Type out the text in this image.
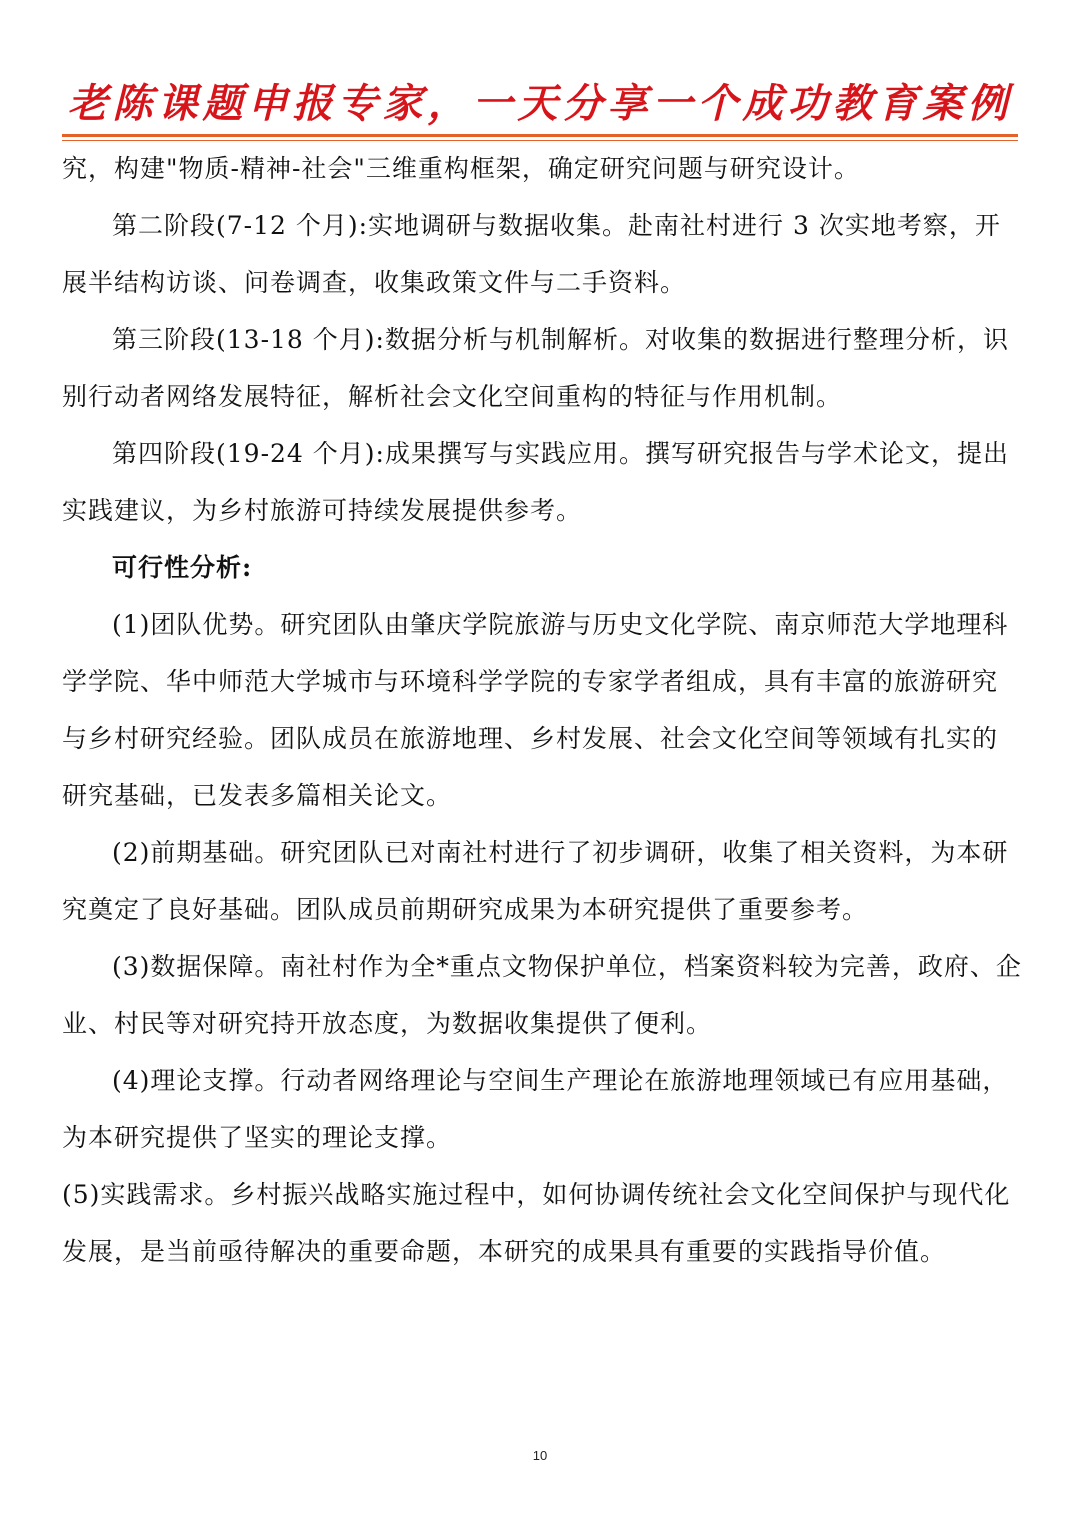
老陈课题申报专家，一天分享一个成功教育案例

究，构建"物质-精神-社会"三维重构框架，确定研究问题与研究设计。

第二阶段(7-12 个月):实地调研与数据收集。赴南社村进行 3 次实地考察，开展半结构访谈、问卷调查，收集政策文件与二手资料。

第三阶段(13-18 个月):数据分析与机制解析。对收集的数据进行整理分析，识别行动者网络发展特征，解析社会文化空间重构的特征与作用机制。

第四阶段(19-24 个月):成果撰写与实践应用。撰写研究报告与学术论文，提出实践建议，为乡村旅游可持续发展提供参考。

可行性分析:

(1)团队优势。研究团队由肇庆学院旅游与历史文化学院、南京师范大学地理科学学院、华中师范大学城市与环境科学学院的专家学者组成，具有丰富的旅游研究与乡村研究经验。团队成员在旅游地理、乡村发展、社会文化空间等领域有扎实的研究基础，已发表多篇相关论文。

(2)前期基础。研究团队已对南社村进行了初步调研，收集了相关资料，为本研究奠定了良好基础。团队成员前期研究成果为本研究提供了重要参考。

(3)数据保障。南社村作为全*重点文物保护单位，档案资料较为完善，政府、企业、村民等对研究持开放态度，为数据收集提供了便利。

(4)理论支撑。行动者网络理论与空间生产理论在旅游地理领域已有应用基础，为本研究提供了坚实的理论支撑。

(5)实践需求。乡村振兴战略实施过程中，如何协调传统社会文化空间保护与现代化发展，是当前亟待解决的重要命题，本研究的成果具有重要的实践指导价值。

10
